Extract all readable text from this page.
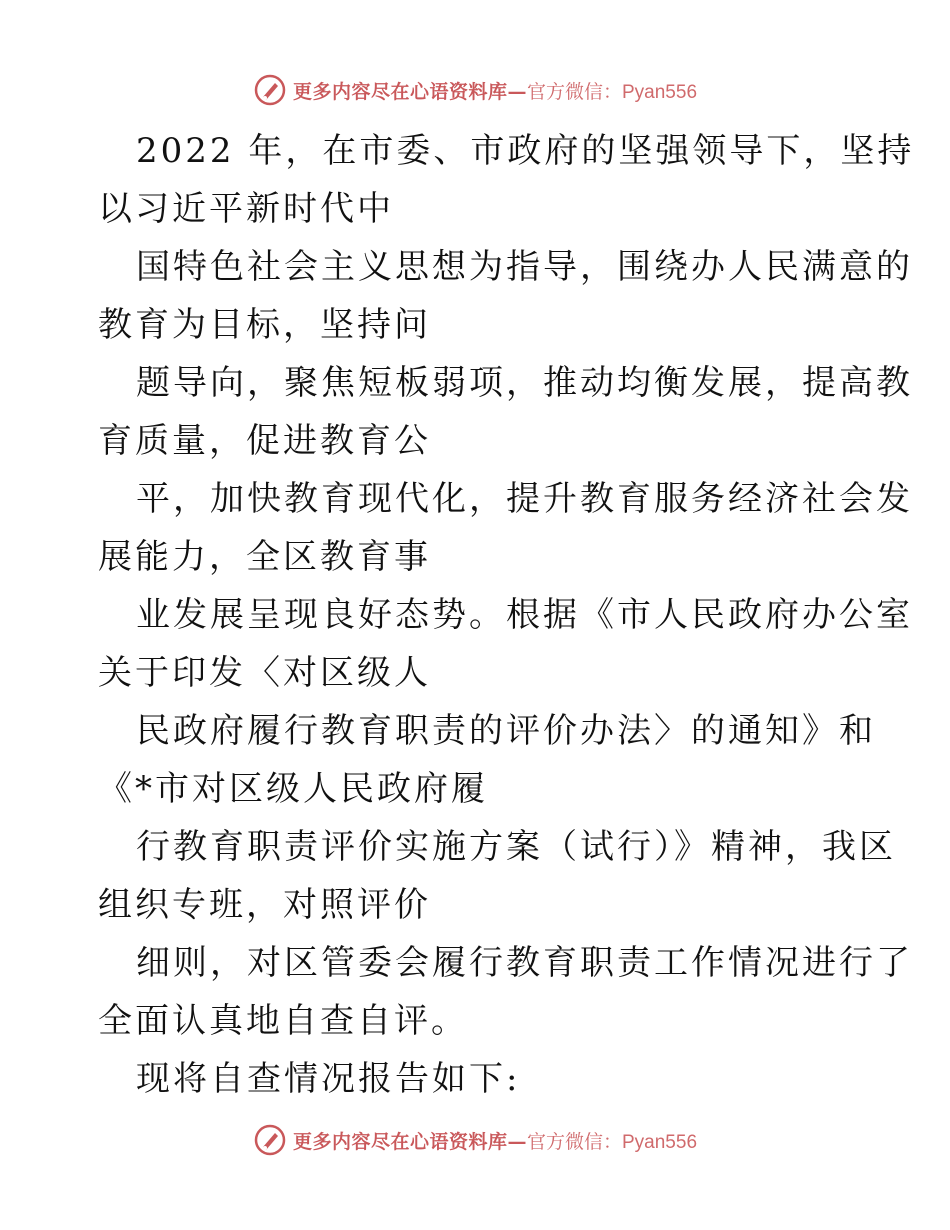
更多内容尽在心语资料库— 官方微信：Pyan556
2022 年，在市委、市政府的坚强领导下，坚持
以习近平新时代中
国特色社会主义思想为指导，围绕办人民满意的
教育为目标，坚持问
题导向，聚焦短板弱项，推动均衡发展，提高教
育质量，促进教育公
平，加快教育现代化，提升教育服务经济社会发
展能力，全区教育事
业发展呈现良好态势。根据《市人民政府办公室
关于印发〈对区级人
民政府履行教育职责的评价办法〉的通知》和
《*市对区级人民政府履
行教育职责评价实施方案（试行）》精神，我区
组织专班，对照评价
细则，对区管委会履行教育职责工作情况进行了
全面认真地自查自评。
现将自查情况报告如下:
更多内容尽在心语资料库— 官方微信：Pyan556
